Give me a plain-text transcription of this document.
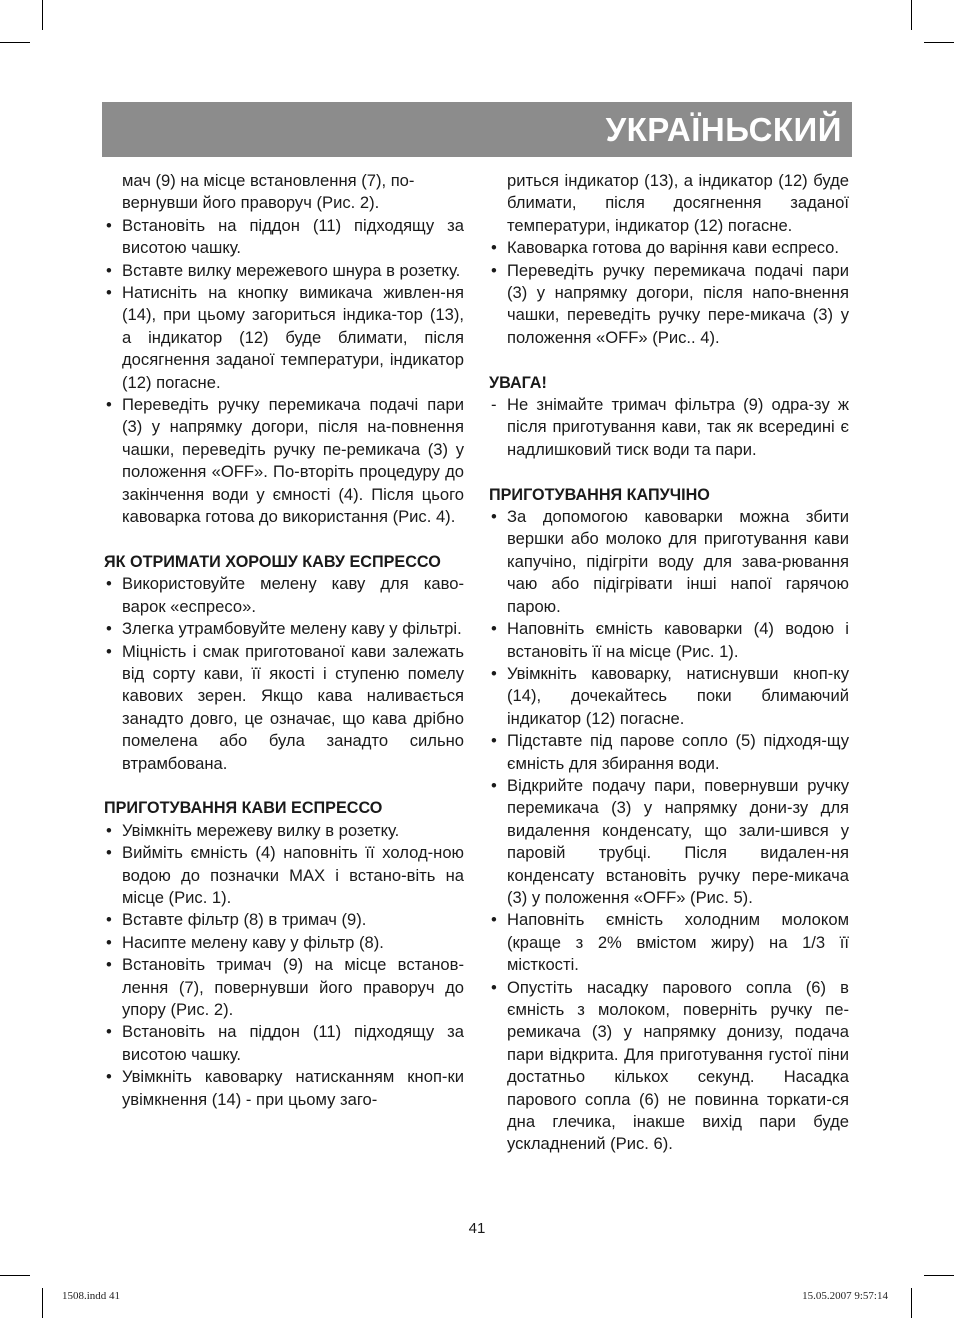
УКРАЇНЬСКИЙ

мач (9) на місце встановлення (7), по-
вернувши його праворуч (Рис. 2).

• Встановіть на піддон (11) підходящу за висотою чашку.

• Вставте вилку мережевого шнура в розетку.

• Натисніть на кнопку вимикача живлен-ня (14), при цьому загориться індика-тор (13), а індикатор (12) буде блимати, після досягнення заданої температури, індикатор (12) погасне.

• Переведіть ручку перемикача подачі пари (3) у напрямку догори, після на-повнення чашки, переведіть ручку пе-ремикача (3) у положення «OFF». По-вторіть процедуру до закінчення води у ємності (4). Після цього кавоварка готова до використання (Рис. 4).

ЯК ОТРИМАТИ ХОРОШУ КАВУ ЕСПРЕССО

• Використовуйте мелену каву для каво-варок «еспресо».

• Злегка утрамбовуйте мелену каву у фільтрі.

• Міцність і смак приготованої кави залежать від сорту кави, її якості і ступеню помелу кавових зерен. Якщо кава наливається занадто довго, це означає, що кава дрібно помелена або була занадто сильно втрамбована.

ПРИГОТУВАННЯ КАВИ ЕСПРЕССО

• Увімкніть мережеву вилку в розетку.

• Вийміть ємність (4) наповніть її холод-ною водою до позначки MAX і встано-віть на місце (Рис. 1).

• Вставте фільтр (8) в тримач (9).

• Насипте мелену каву у фільтр (8).

• Встановіть тримач (9) на місце встанов-лення (7), повернувши його праворуч до упору (Рис. 2).

• Встановіть на піддон (11) підходящу за висотою чашку.

• Увімкніть кавоварку натисканням кноп-ки увімкнення (14) - при цьому заго-

риться індикатор (13), а індикатор (12) буде блимати, після досягнення заданої температури, індикатор (12) погасне.

• Кавоварка готова до варіння кави еспресо.

• Переведіть ручку перемикача подачі пари (3) у напрямку догори, після напо-внення чашки, переведіть ручку пере-микача (3) у положення «OFF» (Рис.. 4).

УВАГА!

- Не знімайте тримач фільтра (9) одра-зу ж після приготування кави, так як всередині є надлишковий тиск води та пари.

ПРИГОТУВАННЯ КАПУЧІНО

• За допомогою кавоварки можна збити вершки або молоко для приготування кави капучіно, підігріти воду для зава-рювання чаю або підігрівати інші напої гарячою парою.

• Наповніть ємність кавоварки (4) водою і встановіть її на місце (Рис. 1).

• Увімкніть кавоварку, натиснувши кноп-ку (14), дочекайтесь поки блимаючий індикатор (12) погасне.

• Підставте під парове сопло (5) підходя-щу ємність для збирання води.

• Відкрийте подачу пари, повернувши ручку перемикача (3) у напрямку дони-зу для видалення конденсату, що зали-шився у паровій трубці. Після видален-ня конденсату встановіть ручку пере-микача (3) у положення «OFF» (Рис. 5).

• Наповніть ємність холодним молоком (краще з 2% вмістом жиру) на 1/3 її місткості.

• Опустіть насадку парового сопла (6) в ємність з молоком, поверніть ручку пе-ремикача (3) у напрямку донизу, подача пари відкрита. Для приготування густої піни достатньо кількох секунд. Насадка парового сопла (6) не повинна торкати-ся дна глечика, інакше вихід пари буде ускладнений (Рис. 6).

41
1508.indd 41	15.05.2007 9:57:14
